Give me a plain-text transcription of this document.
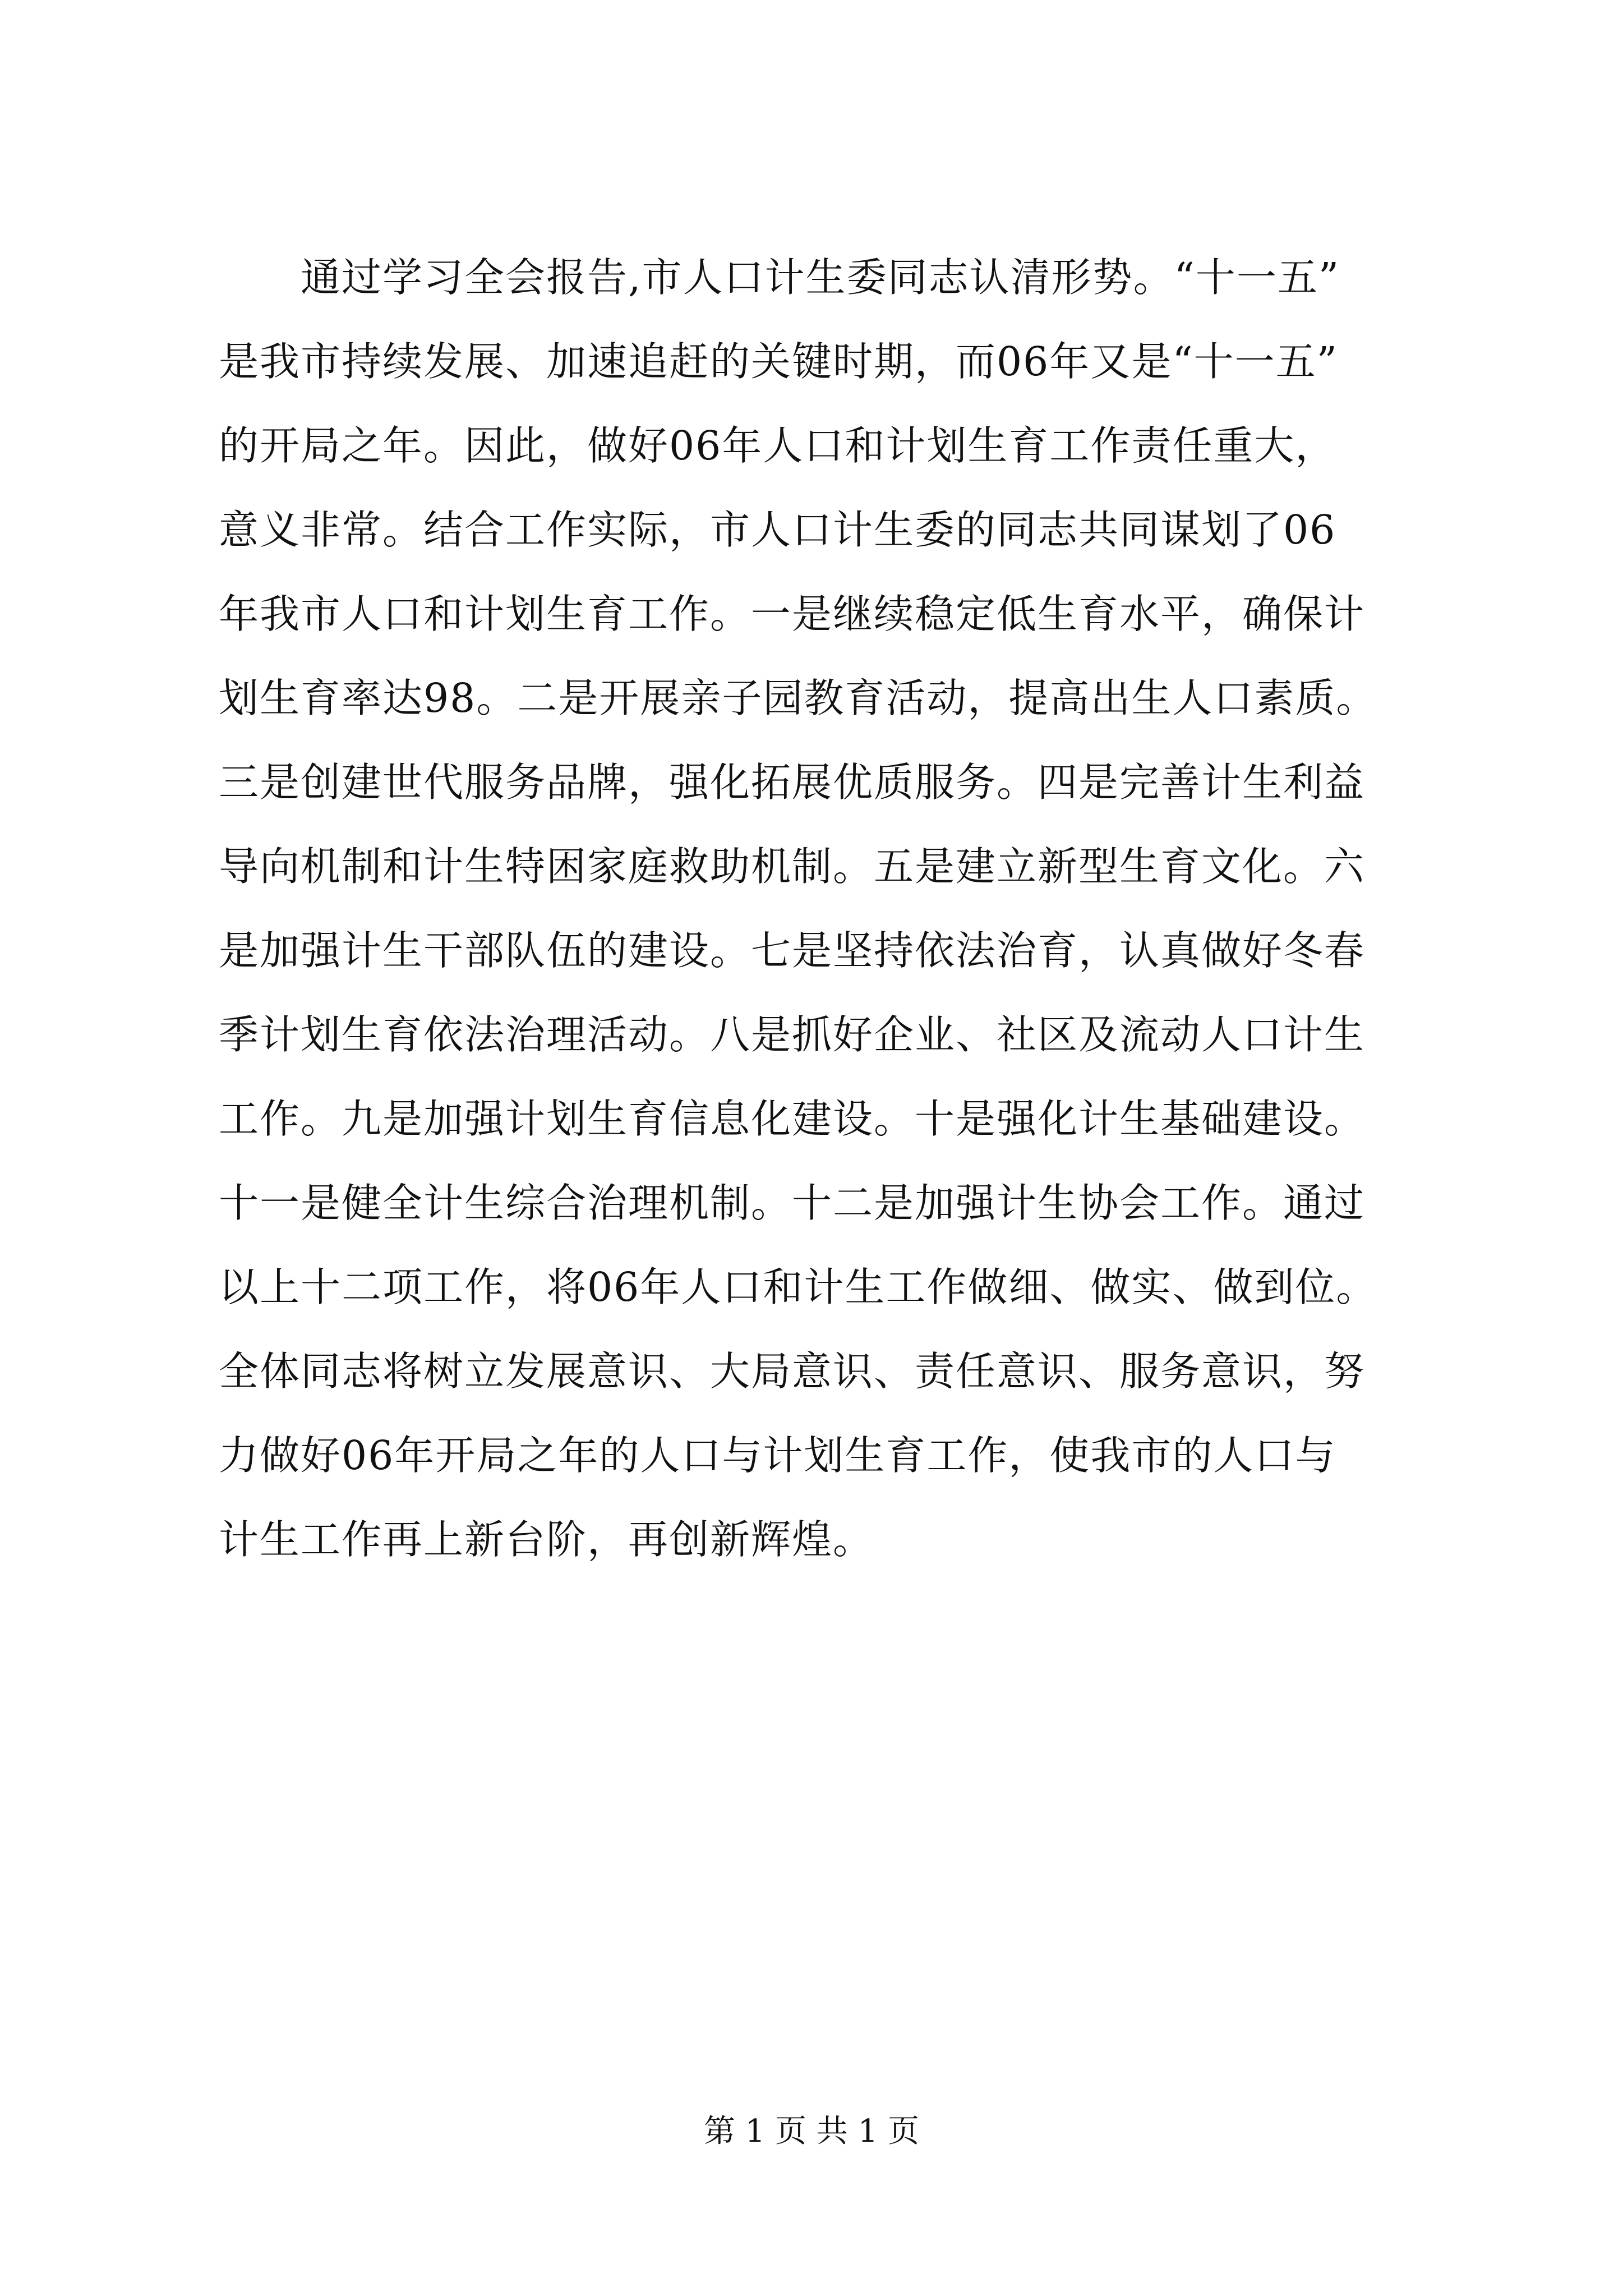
　　通过学习全会报告,市人口计生委同志认清形势。“十一五”
是我市持续发展、加速追赶的关键时期，而06年又是“十一五”
的开局之年。因此，做好06年人口和计划生育工作责任重大，
意义非常。结合工作实际，市人口计生委的同志共同谋划了06
年我市人口和计划生育工作。一是继续稳定低生育水平，确保计
划生育率达98。二是开展亲子园教育活动，提高出生人口素质。
三是创建世代服务品牌，强化拓展优质服务。四是完善计生利益
导向机制和计生特困家庭救助机制。五是建立新型生育文化。六
是加强计生干部队伍的建设。七是坚持依法治育，认真做好冬春
季计划生育依法治理活动。八是抓好企业、社区及流动人口计生
工作。九是加强计划生育信息化建设。十是强化计生基础建设。
十一是健全计生综合治理机制。十二是加强计生协会工作。通过
以上十二项工作，将06年人口和计生工作做细、做实、做到位。
全体同志将树立发展意识、大局意识、责任意识、服务意识，努
力做好06年开局之年的人口与计划生育工作，使我市的人口与
计生工作再上新台阶，再创新辉煌。
第 1 页 共 1 页
